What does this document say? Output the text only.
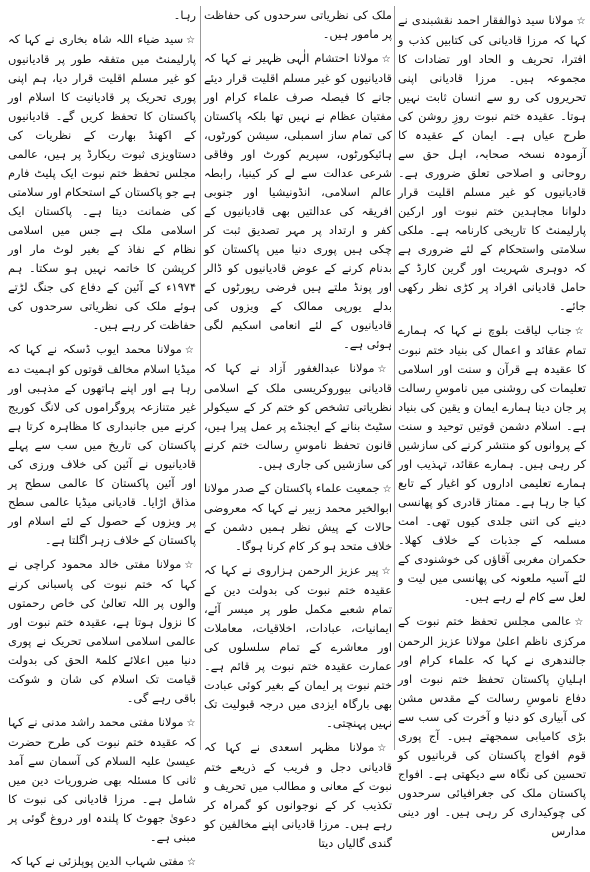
☆مولانا سید ذوالفقار احمد نقشبندی نے کہا کہ مرزا قادیانی کی کتابیں کذب و افترا، تحریف و الحاد اور تضادات کا مجموعہ ہیں۔ مرزا قادیانی اپنی تحریروں کی رو سے انسان ثابت نہیں ہوتا۔ عقیدہ ختم نبوت روزِ روشن کی طرح عیاں ہے۔ ایمان کے عقیدہ کا آزمودہ نسخہ صحابہ، اہل حق سے روحانی و اصلاحی تعلق ضروری ہے۔ قادیانیوں کو غیر مسلم اقلیت قرار دلوانا مجاہدین ختم نبوت اور ارکین پارلیمنٹ کا تاریخی کارنامہ ہے۔ ملکی سلامتی واستحکام کے لئے ضروری ہے کہ دوہری شہریت اور گرین کارڈ کے حامل قادیانی افراد پر کڑی نظر رکھی جائے۔

☆جناب لیاقت بلوچ نے کہا کہ ہمارے تمام عقائد و اعمال کی بنیاد ختم نبوت کا عقیدہ ہے قرآن و سنت اور اسلامی تعلیمات کی روشنی میں ناموسِ رسالت پر جان دینا ہمارے ایمان و یقین کی بنیاد ہے۔ اسلام دشمن قوتیں توحید و سنت کے پروانوں کو منتشر کرنے کی سازشیں کر رہی ہیں۔ ہمارے عقائد، تہذیب اور ہمارے تعلیمی اداروں کو اغیار کے تابع کیا جا رہا ہے۔ ممتاز قادری کو پھانسی دینے کی اتنی جلدی کیوں تھی۔ امت مسلمہ کے جذبات کے خلاف کھلا۔ حکمران مغربی آقاؤں کی خوشنودی کے لئے آسیہ ملعونہ کی پھانسی میں لیت و لعل سے کام لے رہے ہیں۔

☆عالمی مجلس تحفظ ختم نبوت کے مرکزی ناظم اعلیٰ مولانا عزیز الرحمن جالندھری نے کہا کہ علماء کرام اور اہلیانِ پاکستان تحفظ ختم نبوت اور دفاع ناموسِ رسالت کے مقدس مشن کی آبیاری کو دنیا و آخرت کی سب سے بڑی کامیابی سمجھتے ہیں۔ آج پوری قوم افواج پاکستان کی قربانیوں کو تحسین کی نگاہ سے دیکھتی ہے۔ افواج پاکستان ملک کی جغرافیائی سرحدوں کی چوکیداری کر رہی ہیں۔ اور دینی مدارس

ملک کی نظریاتی سرحدوں کی حفاظت پر مامور ہیں۔

☆مولانا احتشام الٰہی ظہیر نے کہا کہ قادیانیوں کو غیر مسلم اقلیت قرار دیئے جانے کا فیصلہ صرف علماء کرام اور مفتیان عظام نے نہیں تھا بلکہ پاکستان کی تمام ساز اسمبلی، سیشن کورٹوں، ہائیکورٹوں، سپریم کورٹ اور وفاقی شرعی عدالت سے لے کر کینیا، رابطہ عالم اسلامی، انڈونیشیا اور جنوبی افریقہ کی عدالتیں بھی قادیانیوں کے کفر و ارتداد پر مہر تصدیق ثبت کر چکی ہیں پوری دنیا میں پاکستان کو بدنام کرنے کے عوض قادیانیوں کو ڈالر اور پونڈ ملتے ہیں فرضی رپورٹوں کے بدلے یورپی ممالک کے ویزوں کی قادیانیوں کے لئے انعامی اسکیم لگی ہوئی ہے۔

☆مولانا عبدالغفور آزاد نے کہا کہ قادیانی بیوروکریسی ملک کے اسلامی نظریاتی تشخص کو ختم کر کے سیکولر سٹیٹ بنانے کے ایجنڈے پر عمل پیرا ہیں، قانون تحفظ ناموسِ رسالت ختم کرنے کی سازشیں کی جاری ہیں۔

☆جمعیت علماء پاکستان کے صدر مولانا ابوالخیر محمد زبیر نے کہا کہ معروضی حالات کے پیش نظر ہمیں دشمن کے خلاف متحد ہو کر کام کرنا ہوگا۔

☆پیر عزیز الرحمن ہزاروی نے کہا کہ عقیدہ ختم نبوت کی بدولت دین کے تمام شعبے مکمل طور پر میسر آئے، ایمانیات، عبادات، اخلاقیات، معاملات اور معاشرے کے تمام سلسلوں کی عمارت عقیدہ ختم نبوت پر قائم ہے۔ ختم نبوت پر ایمان کے بغیر کوئی عبادت بھی بارگاہ ایزدی میں درجہ قبولیت تک نہیں پہنچتی۔

☆مولانا مظہر اسعدی نے کہا کہ قادیانی دجل و فریب کے ذریعے ختم نبوت کے معانی و مطالب میں تحریف و تکذیب کر کے نوجوانوں کو گمراہ کر رہے ہیں۔ مرزا قادیانی اپنے مخالفین کو گندی گالیاں دیتا

رہا۔

☆سید ضیاء اللہ شاہ بخاری نے کہا کہ پارلیمنٹ میں متفقہ طور پر قادیانیوں کو غیر مسلم اقلیت قرار دیا، ہم اپنی پوری تحریک پر قادیانیت کا اسلام اور پاکستان کا تحفظ کریں گے۔ قادیانیوں کے اکھنڈ بھارت کے نظریات کی دستاویزی ثبوت ریکارڈ پر ہیں، عالمی مجلس تحفظ ختم نبوت ایک پلیٹ فارم ہے جو پاکستان کے استحکام اور سلامتی کی ضمانت دیتا ہے۔ پاکستان ایک اسلامی ملک ہے جس میں اسلامی نظام کے نفاذ کے بغیر لوٹ مار اور کرپشن کا خاتمہ نہیں ہو سکتا۔ ہم ۱۹۷۴ء کے آئین کے دفاع کی جنگ لڑتے ہوئے ملک کی نظریاتی سرحدوں کی حفاظت کر رہے ہیں۔

☆مولانا محمد ایوب ڈسکہ نے کہا کہ میڈیا اسلام مخالف قوتوں کو اہمیت دے رہا ہے اور اپنے ہاتھوں کے مذہبی اور غیر متنازعہ پروگراموں کی لانگ کوریج کرنے میں جانبداری کا مظاہرہ کرتا ہے پاکستان کی تاریخ میں سب سے پہلے قادیانیوں نے آئین کی خلاف ورزی کی اور آئین پاکستان کا عالمی سطح پر مذاق اڑایا۔ قادیانی میڈیا عالمی سطح پر ویزوں کے حصول کے لئے اسلام اور پاکستان کے خلاف زہر اگلتا ہے۔

☆مولانا مفتی خالد محمود کراچی نے کہا کہ ختم نبوت کی پاسبانی کرنے والوں پر اللہ تعالیٰ کی خاص رحمتوں کا نزول ہوتا ہے، عقیدہ ختم نبوت اور عالمی اسلامی اسلامی تحریک نے پوری دنیا میں اعلائے کلمۃ الحق کی بدولت قیامت تک اسلام کی شان و شوکت باقی رہے گی۔

☆مولانا مفتی محمد راشد مدنی نے کہا کہ عقیدہ ختم نبوت کی طرح حضرت عیسیٰ علیہ السلام کی آسمان سے آمد ثانی کا مسئلہ بھی ضروریات دین میں شامل ہے۔ مرزا قادیانی کی نبوت کا دعویٰ جھوٹ کا پلندہ اور دروغ گوئی پر مبنی ہے۔

☆مفتی شہاب الدین پوپلزئی نے کہا کہ
